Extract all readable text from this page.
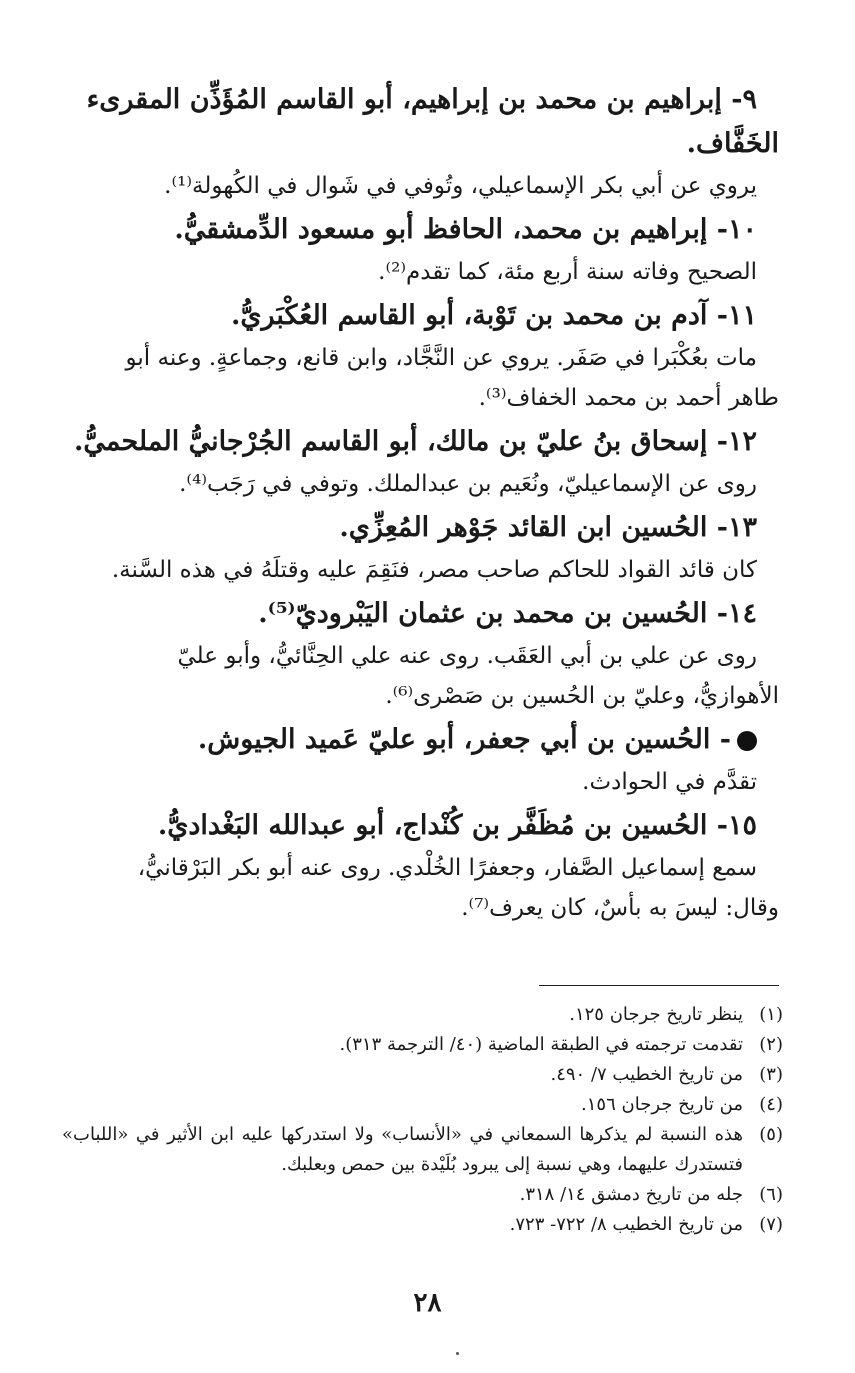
٩- إبراهيم بن محمد بن إبراهيم، أبو القاسم المُؤَذِّن المقرىء
الخَفَّاف.

يروي عن أبي بكر الإسماعيلي، وتُوفي في شَوال في الكُهولة⁽¹⁾.

١٠- إبراهيم بن محمد، الحافظ أبو مسعود الدِّمشقيُّ.

الصحيح وفاته سنة أربع مئة، كما تقدم⁽²⁾.

١١- آدم بن محمد بن تَوْبة، أبو القاسم العُكْبَريُّ.

مات بعُكْبَرا في صَفَر. يروي عن النَّجَّاد، وابن قانع، وجماعةٍ. وعنه أبو
طاهر أحمد بن محمد الخفاف⁽³⁾.

١٢- إسحاق بنُ عليّ بن مالك، أبو القاسم الجُرْجانيُّ الملحميُّ.

روى عن الإسماعيليّ، ونُعَيم بن عبدالملك. وتوفي في رَجَب⁽⁴⁾.

١٣- الحُسين ابن القائد جَوْهر المُعِزِّي.

كان قائد القواد للحاكم صاحب مصر، فنَقِمَ عليه وقتلَهُ في هذه السَّنة.

١٤- الحُسين بن محمد بن عثمان اليَبْروديّ⁽⁵⁾.

روى عن علي بن أبي العَقَب. روى عنه علي الحِنَّائيُّ، وأبو عليّ
الأهوازيُّ، وعليّ بن الحُسين بن صَصْرى⁽⁶⁾.

- الحُسين بن أبي جعفر، أبو عليّ عَميد الجيوش.

تقدَّم في الحوادث.

١٥- الحُسين بن مُظَفَّر بن كُنْداج، أبو عبدالله البَغْداديُّ.

سمع إسماعيل الصَّفار، وجعفرًا الخُلْدي. روى عنه أبو بكر البَرْقانيُّ،
وقال: ليسَ به بأسٌ، كان يعرف⁽⁷⁾.

(١)
ينظر تاريخ جرجان ١٢٥.
(٢)
تقدمت ترجمته في الطبقة الماضية (٤٠/ الترجمة ٣١٣).
(٣)
من تاريخ الخطيب ٧/ ٤٩٠.
(٤)
من تاريخ جرجان ١٥٦.
(٥)
هذه النسبة لم يذكرها السمعاني في «الأنساب» ولا استدركها عليه ابن الأثير في «اللباب» فتستدرك عليهما، وهي نسبة إلى يبرود بُلَيْدة بين حمص وبعلبك.
(٦)
جله من تاريخ دمشق ١٤/ ٣١٨.
(٧)
من تاريخ الخطيب ٨/ ٧٢٢- ٧٢٣.
٢٨
